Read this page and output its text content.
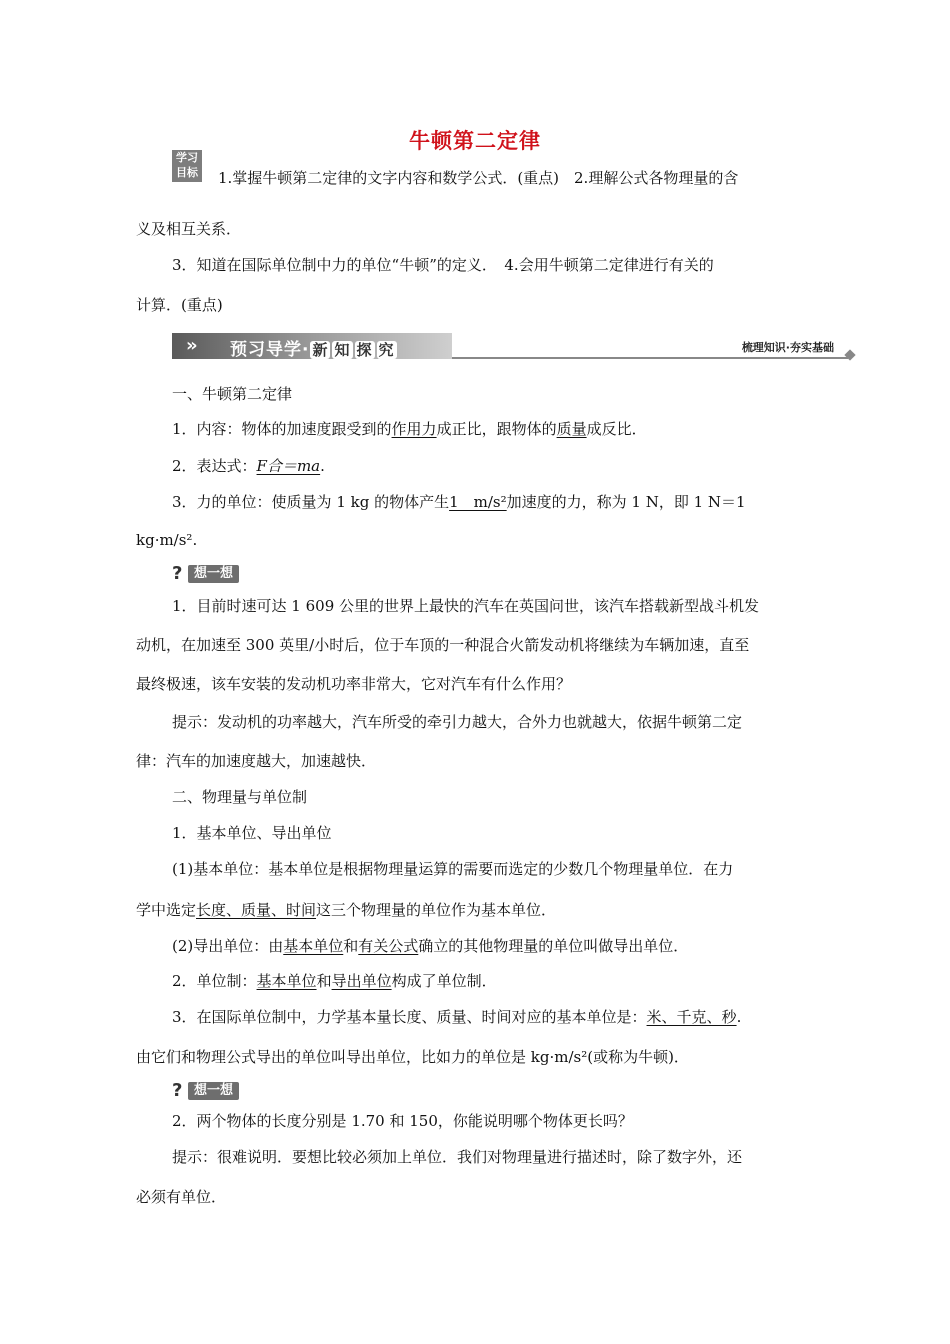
牛顿第二定律
学习目标 1.掌握牛顿第二定律的文字内容和数学公式．(重点)　2.理解公式各物理量的含
义及相互关系．
3．知道在国际单位制中力的单位“牛顿”的定义．　4.会用牛顿第二定律进行有关的
计算．(重点)
» 预习导学· 新 知 探 究	梳理知识·夯实基础
一、牛顿第二定律
1．内容：物体的加速度跟受到的作用力成正比，跟物体的质量成反比．
2．表达式：F合＝ma.
3．力的单位：使质量为 1 kg 的物体产生1　m/s²加速度的力，称为 1 N，即 1 N＝1
kg·m/s².
? 想一想
1．目前时速可达 1 609 公里的世界上最快的汽车在英国问世，该汽车搭载新型战斗机发
动机，在加速至 300 英里/小时后，位于车顶的一种混合火箭发动机将继续为车辆加速，直至
最终极速，该车安装的发动机功率非常大，它对汽车有什么作用？
提示：发动机的功率越大，汽车所受的牵引力越大，合外力也就越大，依据牛顿第二定
律：汽车的加速度越大，加速越快．
二、物理量与单位制
1．基本单位、导出单位
(1)基本单位：基本单位是根据物理量运算的需要而选定的少数几个物理量单位．在力
学中选定长度、质量、时间这三个物理量的单位作为基本单位．
(2)导出单位：由基本单位和有关公式确立的其他物理量的单位叫做导出单位．
2．单位制：基本单位和导出单位构成了单位制．
3．在国际单位制中，力学基本量长度、质量、时间对应的基本单位是：米、千克、秒.
由它们和物理公式导出的单位叫导出单位，比如力的单位是 kg·m/s²(或称为牛顿)．
? 想一想
2．两个物体的长度分别是 1.70 和 150，你能说明哪个物体更长吗？
提示：很难说明．要想比较必须加上单位．我们对物理量进行描述时，除了数字外，还
必须有单位．
